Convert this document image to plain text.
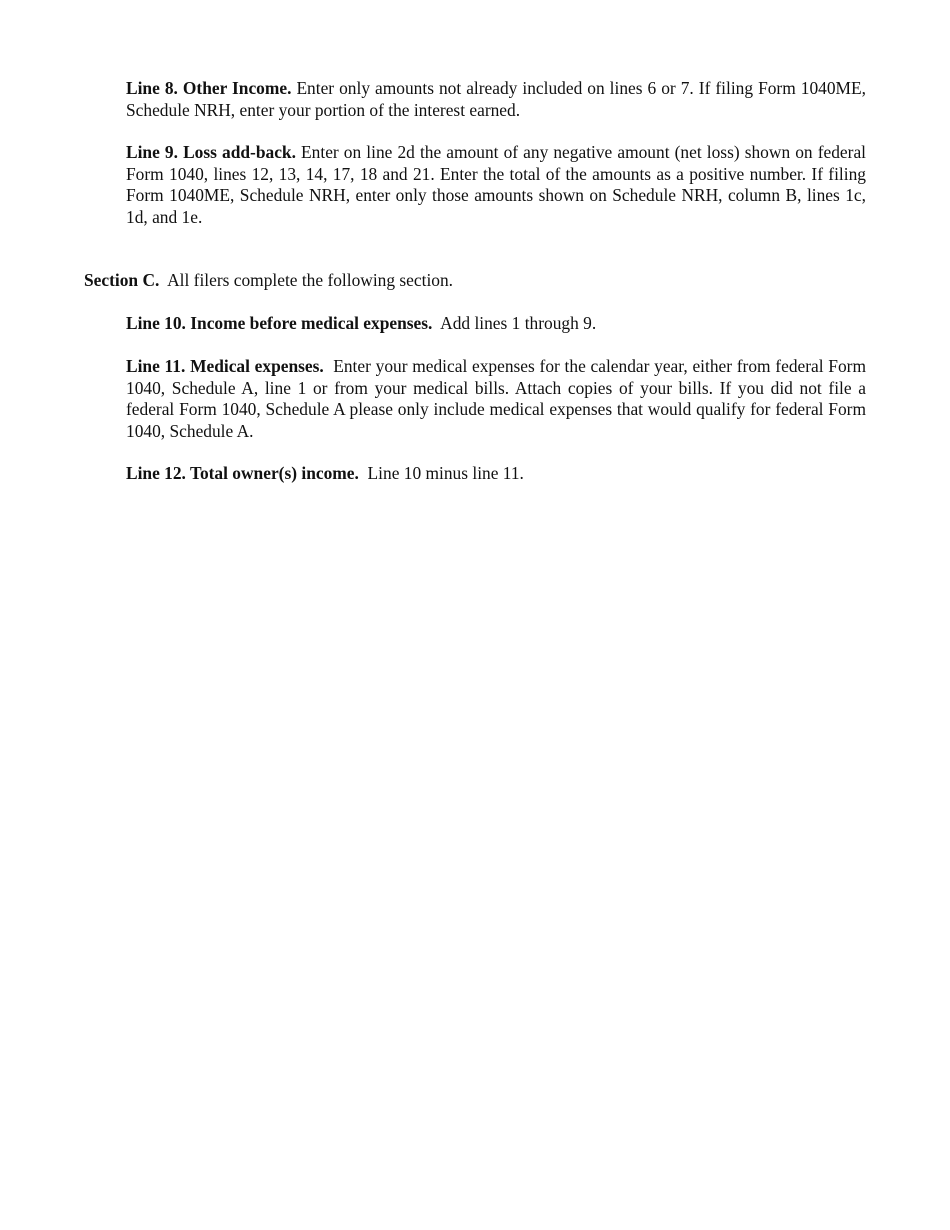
Line 8. Other Income. Enter only amounts not already included on lines 6 or 7. If filing Form 1040ME, Schedule NRH, enter your portion of the interest earned.

Line 9. Loss add-back. Enter on line 2d the amount of any negative amount (net loss) shown on federal Form 1040, lines 12, 13, 14, 17, 18 and 21. Enter the total of the amounts as a positive number. If filing Form 1040ME, Schedule NRH, enter only those amounts shown on Schedule NRH, column B, lines 1c, 1d, and 1e.

Section C. All filers complete the following section.

Line 10. Income before medical expenses. Add lines 1 through 9.

Line 11. Medical expenses. Enter your medical expenses for the calendar year, either from federal Form 1040, Schedule A, line 1 or from your medical bills. Attach copies of your bills. If you did not file a federal Form 1040, Schedule A please only include medical expenses that would qualify for federal Form 1040, Schedule A.

Line 12. Total owner(s) income. Line 10 minus line 11.
